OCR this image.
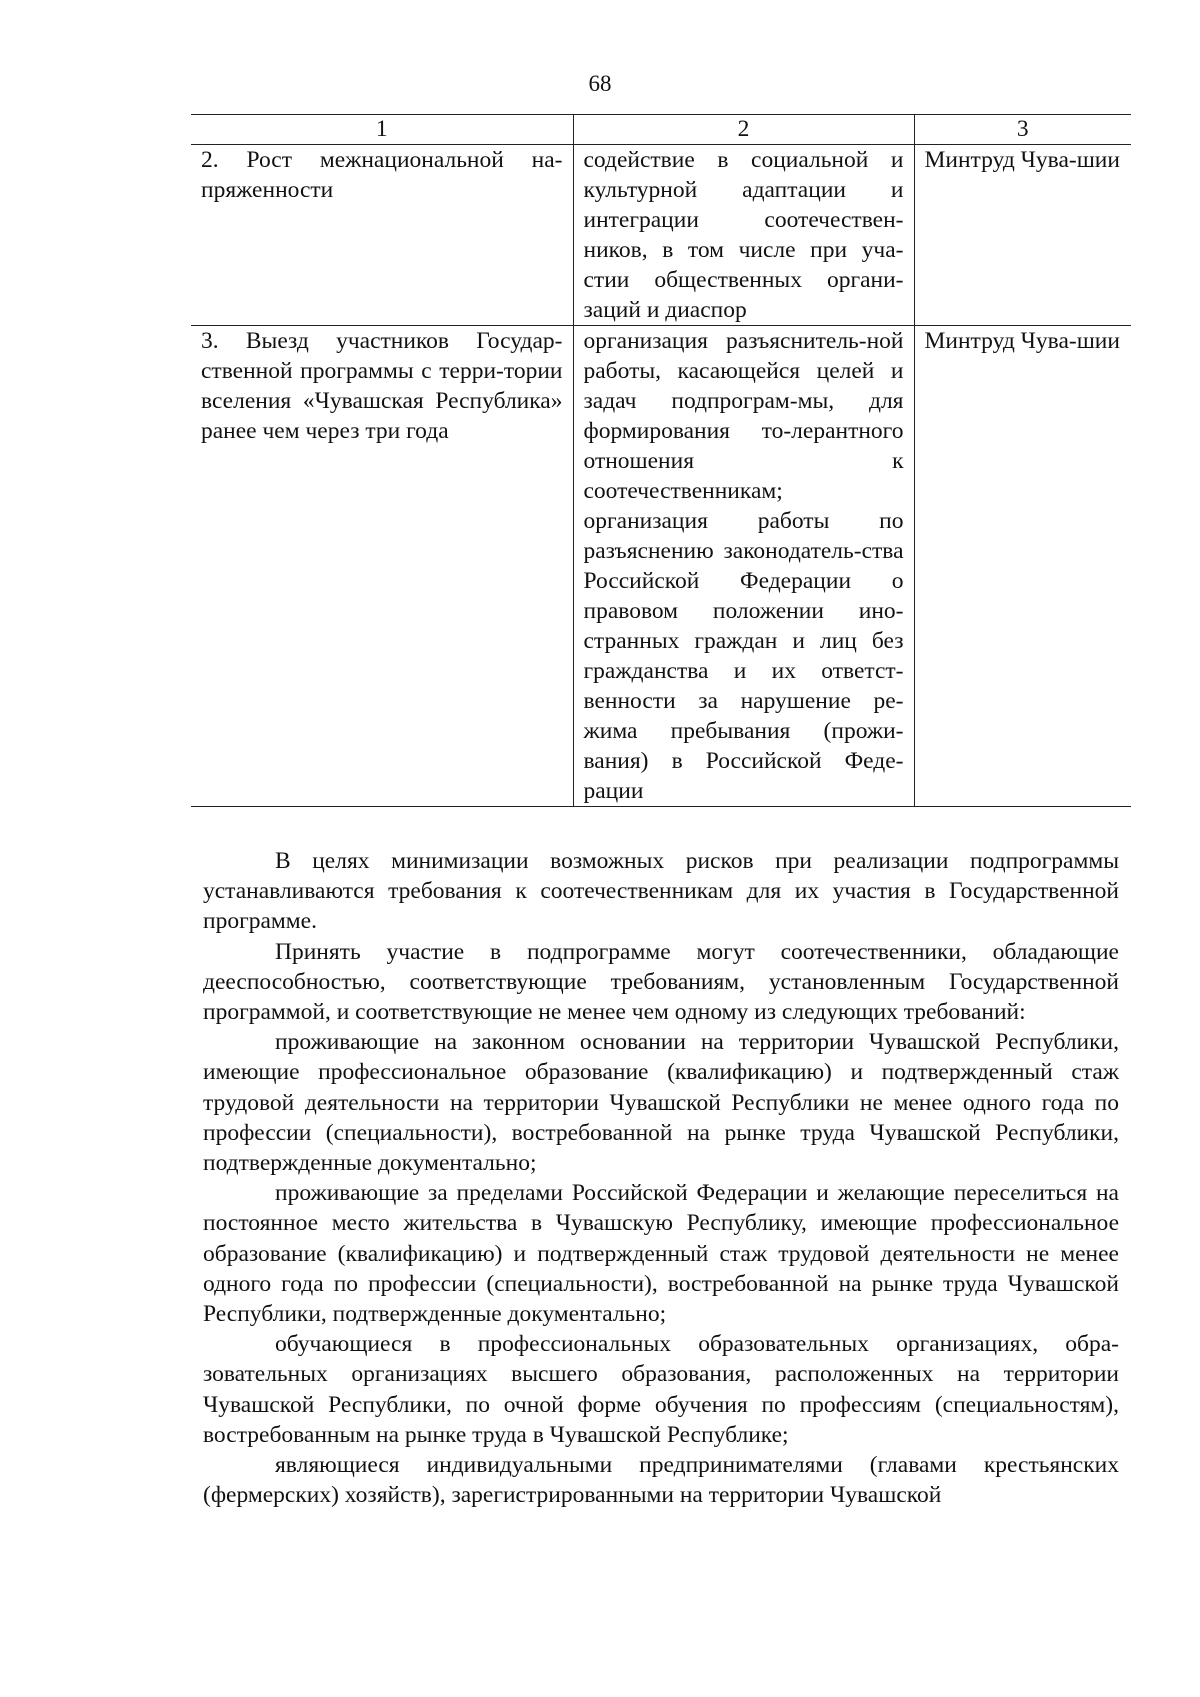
68
1	2	3
2. Рост межнациональной на-пряженности	содействие в социальной и культурной адаптации и интеграции соотечествен-ников, в том числе при уча-стии общественных органи-заций и диаспор	Минтруд Чува-шии
3. Выезд участников Государ-ственной программы с терри-тории вселения «Чувашская Республика» ранее чем через три года	организация разъяснитель-ной работы, касающейся целей и задач подпрограм-мы, для формирования то-лерантного отношения к соотечественникам; организация работы по разъяснению законодатель-ства Российской Федерации о правовом положении ино-странных граждан и лиц без гражданства и их ответст-венности за нарушение ре-жима пребывания (прожи-вания) в Российской Феде-рации	Минтруд Чува-шии

В целях минимизации возможных рисков при реализации подпрограммы устанавливаются требования к соотечественникам для их участия в Государственной программе.

Принять участие в подпрограмме могут соотечественники, обладающие дееспособностью, соответствующие требованиям, установленным Государственной программой, и соответствующие не менее чем одному из следующих требований:

проживающие на законном основании на территории Чувашской Республики, имеющие профессиональное образование (квалификацию) и подтвержденный стаж трудовой деятельности на территории Чувашской Республики не менее одного года по профессии (специальности), востребованной на рынке труда Чувашской Республики, подтвержденные документально;

проживающие за пределами Российской Федерации и желающие переселиться на постоянное место жительства в Чувашскую Республику, имеющие профессиональное образование (квалификацию) и подтвержденный стаж трудовой деятельности не менее одного года по профессии (специальности), востребованной на рынке труда Чувашской Республики, подтвержденные документально;

обучающиеся в профессиональных образовательных организациях, образовательных организациях высшего образования, расположенных на территории Чувашской Республики, по очной форме обучения по профессиям (специальностям), востребованным на рынке труда в Чувашской Республике;

являющиеся индивидуальными предпринимателями (главами крестьянских (фермерских) хозяйств), зарегистрированными на территории Чувашской
